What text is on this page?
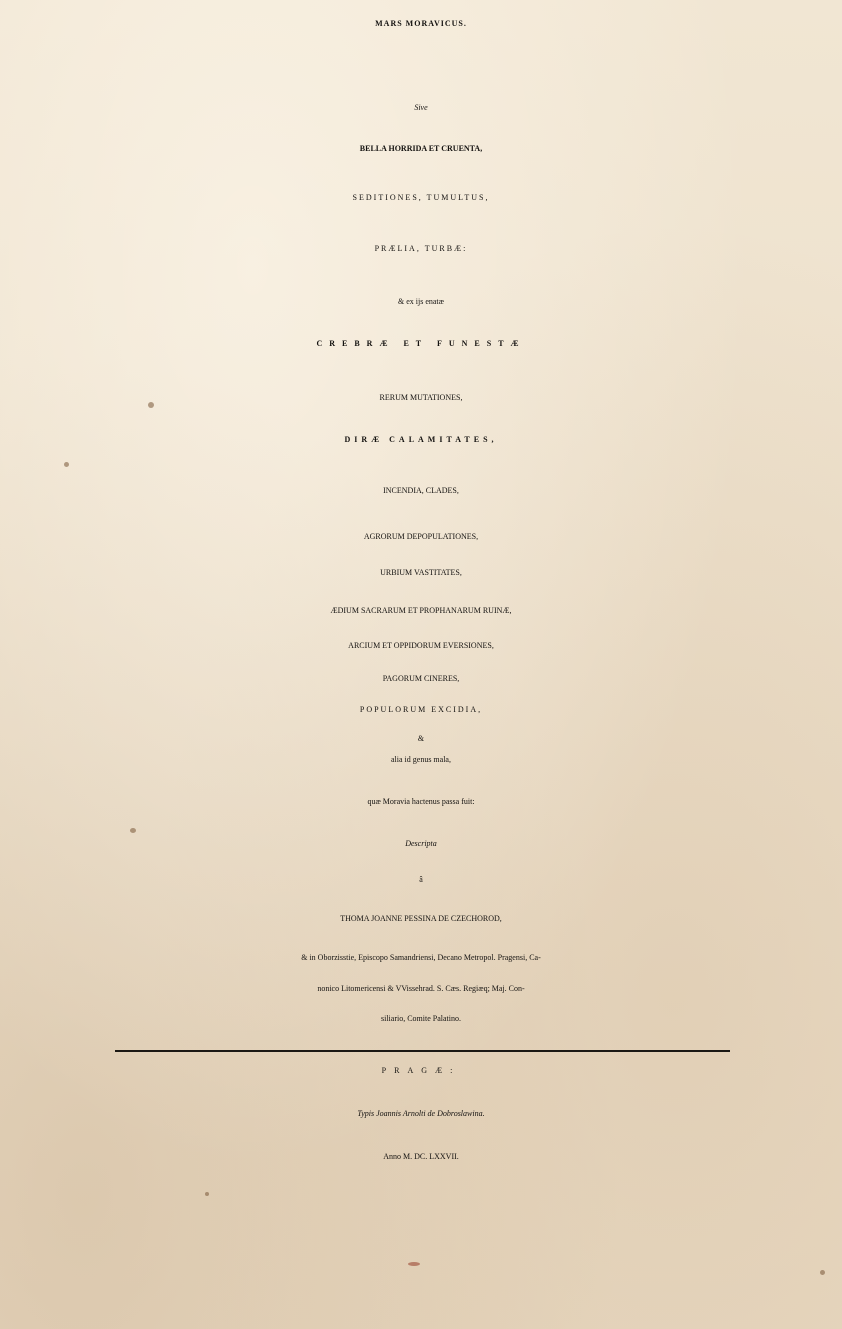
MARS MORAVICUS.
Sive
BELLA HORRIDA ET CRUENTA,
SEDITIONES, TUMULTUS,
PRÆLIA, TURBÆ:
& ex ijs enatæ
CREBRÆ ET FUNESTÆ
RERUM MUTATIONES,
DIRÆ CALAMITATES,
INCENDIA, CLADES,
AGRORUM DEPOPULATIONES,
URBIUM VASTITATES,
ÆDIUM SACRARUM ET PROPHANARUM RUINÆ,
ARCIUM ET OPPIDORUM EVERSIONES,
PAGORUM CINERES,
POPULORUM EXCIDIA,
&
alia id genus mala,
quæ Moravia hactenus passa fuit:
Descripta
â
THOMA JOANNE PESSINA DE CZECHOROD,
& in Oborzisstie, Episcopo Samandriensi, Decano Metropol. Pragensi, Ca-
nonico Litomericensi & VVissehrad. S. Cæs. Regiæq; Maj. Con-
siliario, Comite Palatino.
PRAGÆ:
Typis Joannis Arnolti de Dobroslawina.
Anno M. DC. LXXVII.
